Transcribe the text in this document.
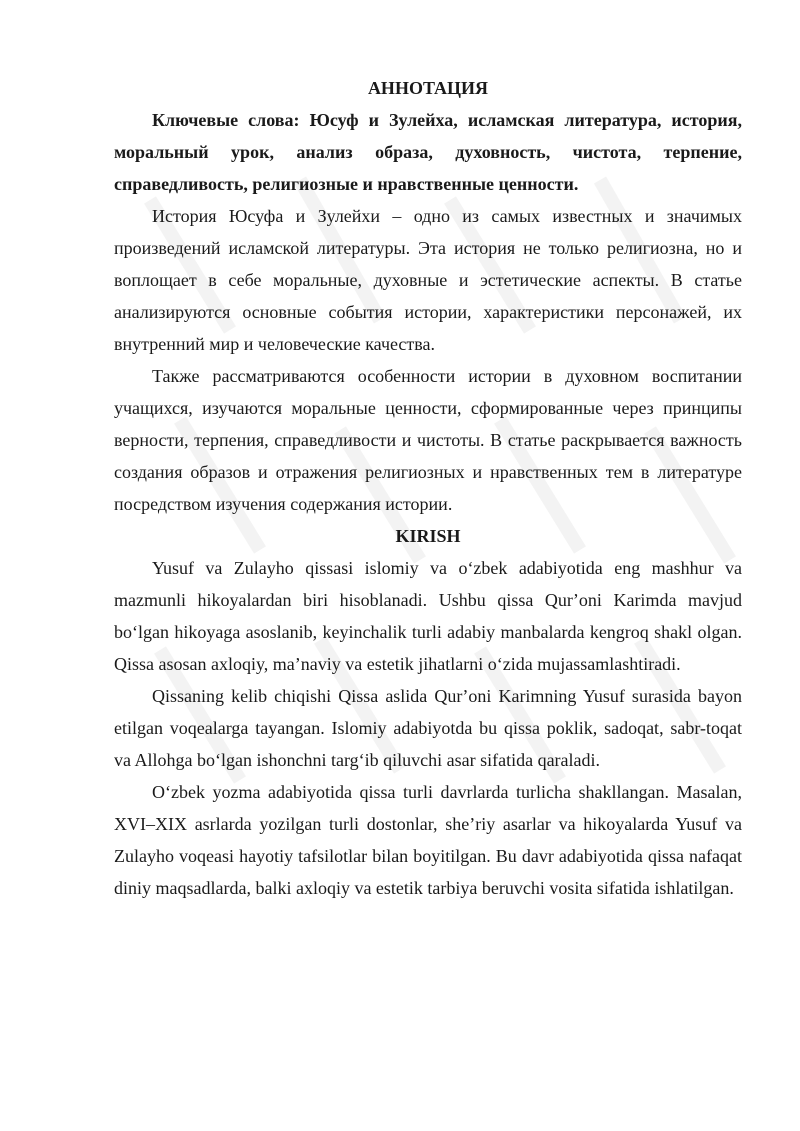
АННОТАЦИЯ

Ключевые слова: Юсуф и Зулейха, исламская литература, история, моральный урок, анализ образа, духовность, чистота, терпение, справедливость, религиозные и нравственные ценности.

История Юсуфа и Зулейхи – одно из самых известных и значимых произведений исламской литературы. Эта история не только религиозна, но и воплощает в себе моральные, духовные и эстетические аспекты. В статье анализируются основные события истории, характеристики персонажей, их внутренний мир и человеческие качества.

Также рассматриваются особенности истории в духовном воспитании учащихся, изучаются моральные ценности, сформированные через принципы верности, терпения, справедливости и чистоты. В статье раскрывается важность создания образов и отражения религиозных и нравственных тем в литературе посредством изучения содержания истории.

KIRISH

Yusuf va Zulayho qissasi islomiy va oʻzbek adabiyotida eng mashhur va mazmunli hikoyalardan biri hisoblanadi. Ushbu qissa Qurʼoni Karimda mavjud boʻlgan hikoyaga asoslanib, keyinchalik turli adabiy manbalarda kengroq shakl olgan. Qissa asosan axloqiy, maʼnaviy va estetik jihatlarni oʻzida mujassamlashtiradi.

Qissaning kelib chiqishi Qissa aslida Qurʼoni Karimning Yusuf surasida bayon etilgan voqealarga tayangan. Islomiy adabiyotda bu qissa poklik, sadoqat, sabr-toqat va Allohga boʻlgan ishonchni targʻib qiluvchi asar sifatida qaraladi.

Oʻzbek yozma adabiyotida qissa turli davrlarda turlicha shakllangan. Masalan, XVI–XIX asrlarda yozilgan turli dostonlar, sheʼriy asarlar va hikoyalarda Yusuf va Zulayho voqeasi hayotiy tafsilotlar bilan boyitilgan. Bu davr adabiyotida qissa nafaqat diniy maqsadlarda, balki axloqiy va estetik tarbiya beruvchi vosita sifatida ishlatilgan.
